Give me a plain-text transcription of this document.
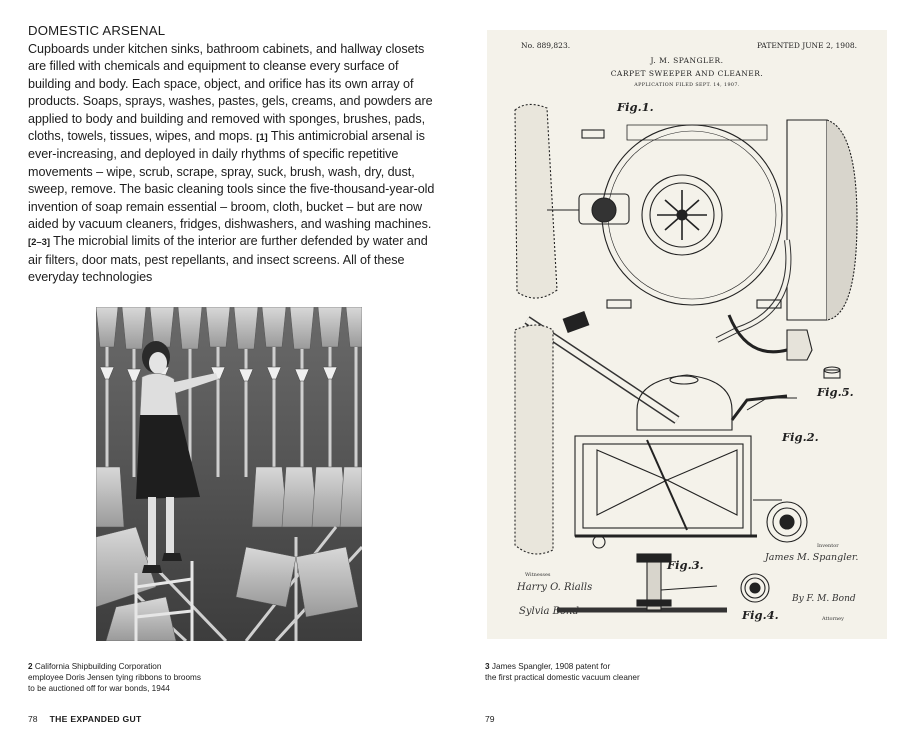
DOMESTIC ARSENAL

Cupboards under kitchen sinks, bathroom cabinets, and hallway closets are filled with chemicals and equipment to cleanse every surface of building and body. Each space, object, and orifice has its own array of products. Soaps, sprays, washes, pastes, gels, creams, and powders are applied to body and building and removed with sponges, brushes, pads, cloths, towels, tissues, wipes, and mops. [1] This antimicrobial arsenal is ever-increasing, and deployed in daily rhythms of specific repetitive movements – wipe, scrub, scrape, spray, suck, brush, wash, dry, dust, sweep, remove. The basic cleaning tools since the five-thousand-year-old invention of soap remain essential – broom, cloth, bucket – but are now aided by vacuum cleaners, fridges, dishwashers, and washing machines. [2–3] The microbial limits of the interior are further defended by water and air filters, door mats, pest repellants, and insect screens. All of these everyday technologies

2 California Shipbuilding Corporation
employee Doris Jensen tying ribbons to brooms
to be auctioned off for war bonds, 1944
78 THE EXPANDED GUT
No. 889,823.	PATENTED JUNE 2, 1908.
J. M. SPANGLER.
CARPET SWEEPER AND CLEANER.
APPLICATION FILED SEPT. 14, 1907.
Fig.1.
Fig.2.
Fig.3.
Fig.4.
Fig.5.
Witnesses
Harry O. Rialls
Sylvia Bond
Inventor
James M. Spangler.
By F. M. Bond
Attorney
3 James Spangler, 1908 patent for
the first practical domestic vacuum cleaner
79
